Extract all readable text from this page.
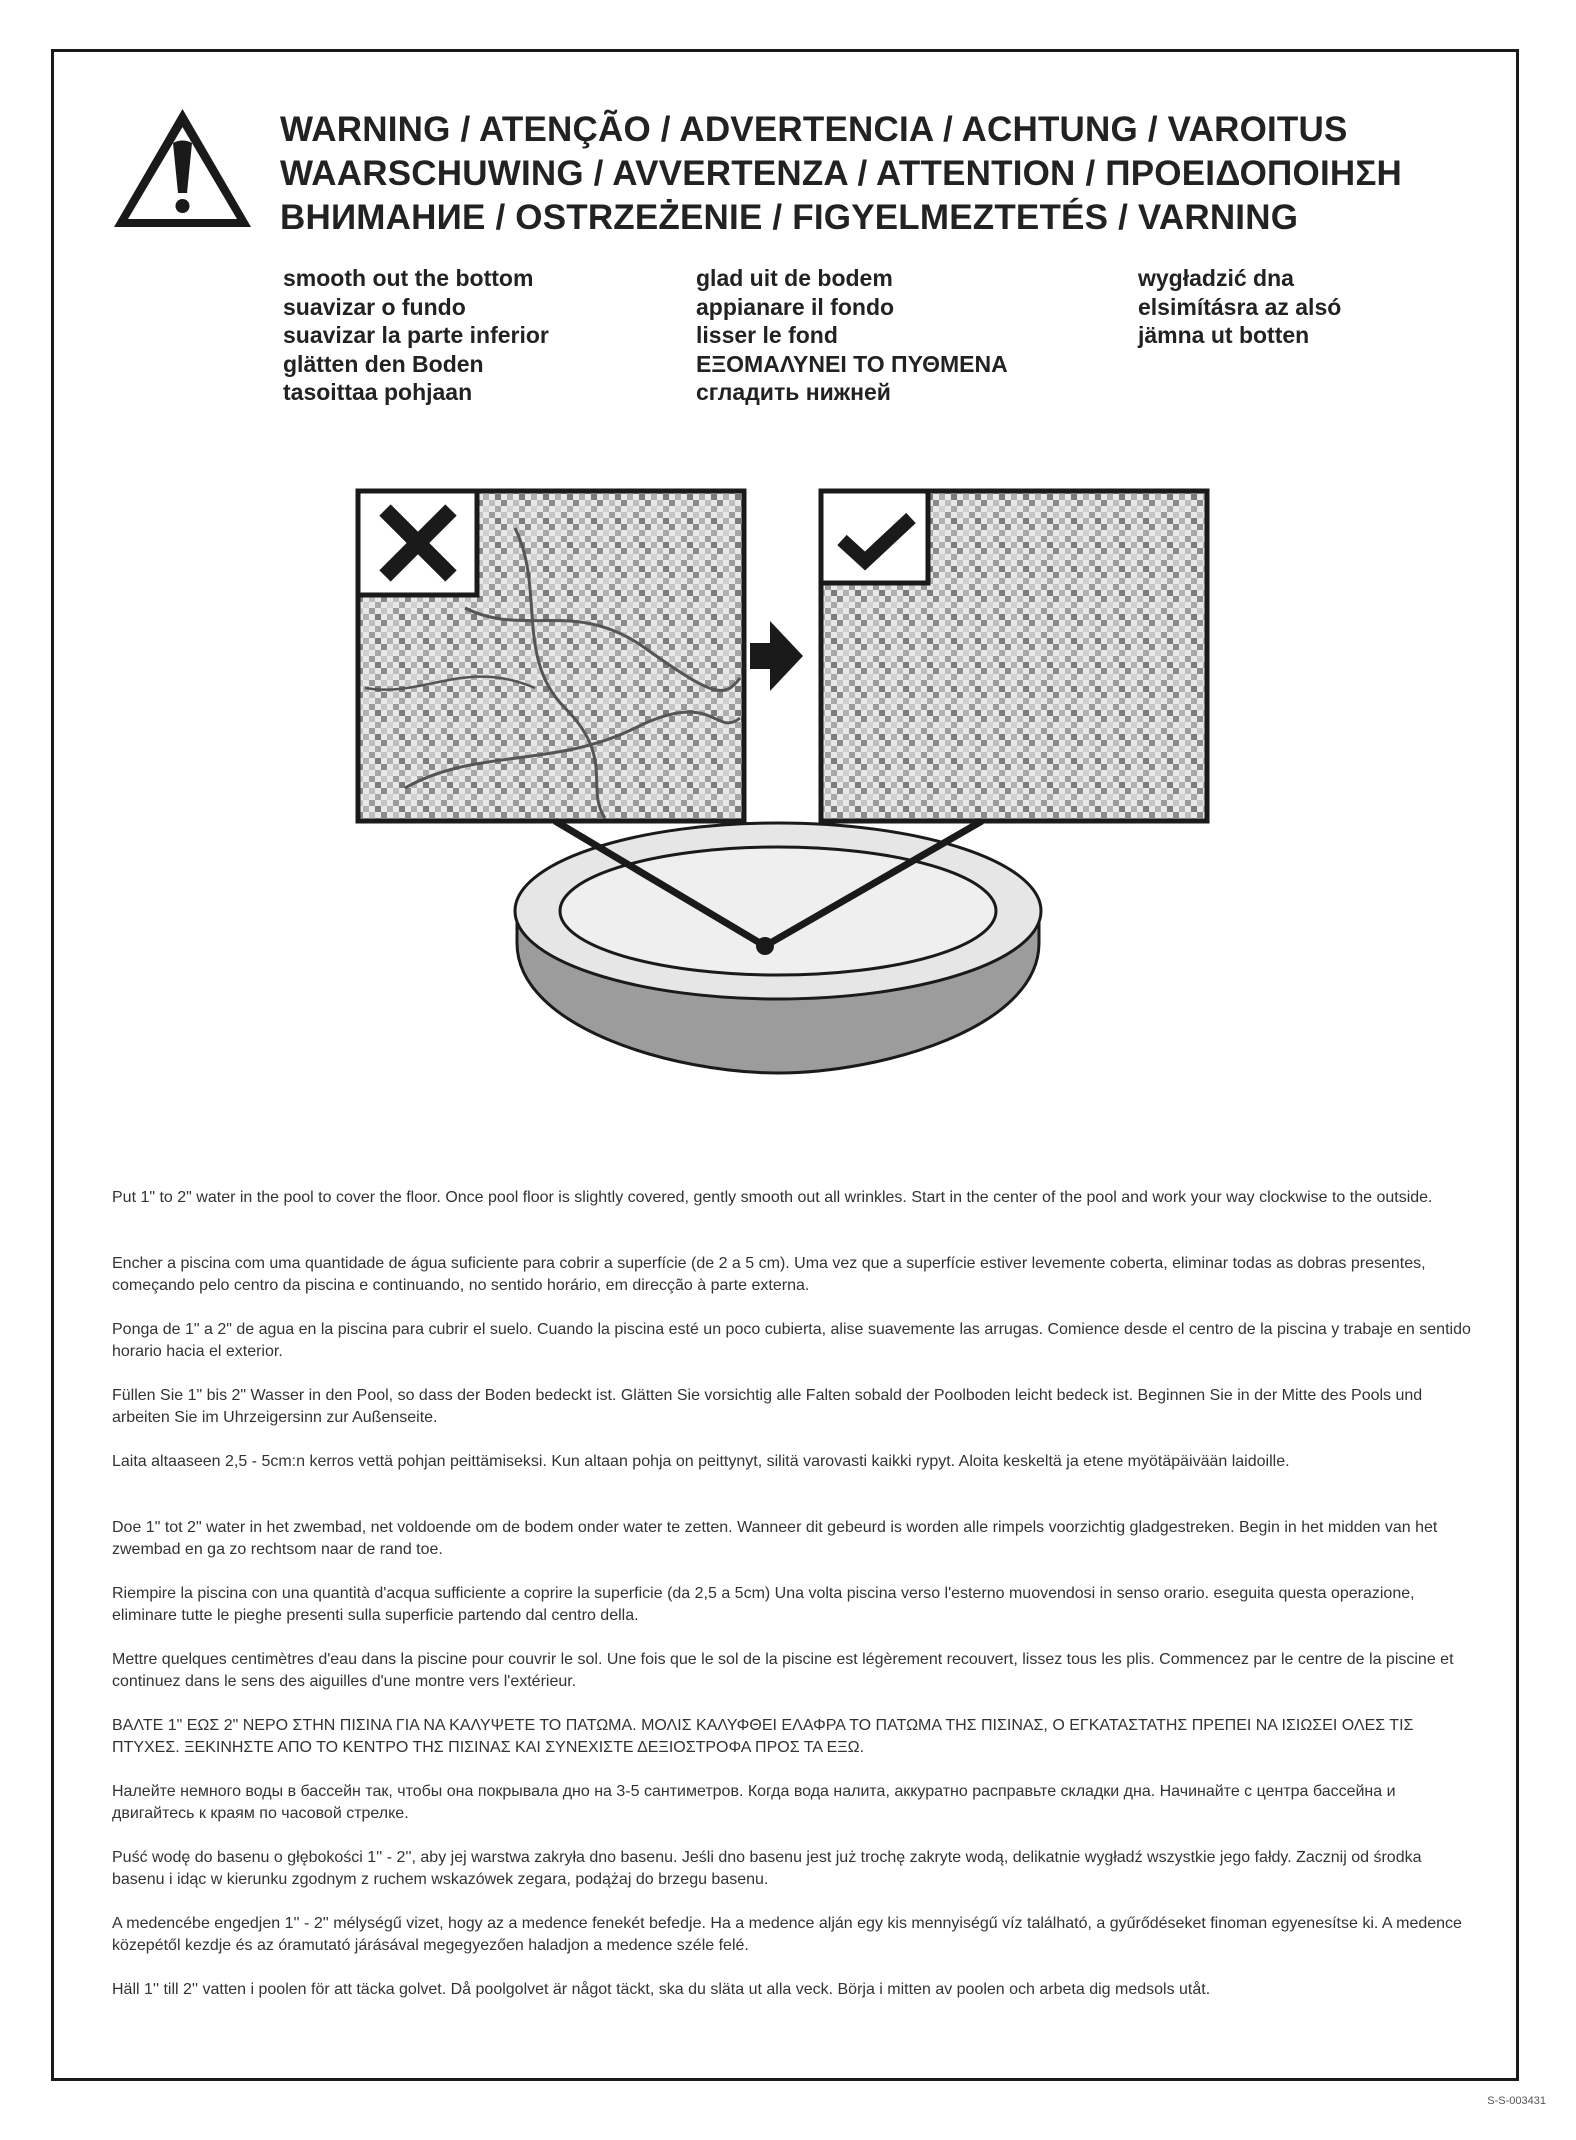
WARNING / ATENÇÃO / ADVERTENCIA / ACHTUNG / VAROITUS
WAARSCHUWING / AVVERTENZA / ATTENTION / ΠΡΟΕΙΔΟΠΟΙΗΣΗ
ВНИМАНИЕ / OSTRZEŻENIE / FIGYELMEZTETÉS / VARNING
smooth out the bottom
suavizar o fundo
suavizar la parte inferior
glätten den Boden
tasoittaa pohjaan
glad uit de bodem
appianare il fondo
lisser le fond
ΕΞΟΜΑΛΥΝΕΙ ΤΟ ΠΥΘΜΕΝΑ
сгладить нижней
wygładzić dna
elsimításra az alsó
jämna ut botten
Put 1" to 2" water in the pool to cover the floor. Once pool floor is slightly covered, gently smooth out all wrinkles. Start in the center of the pool and work your way clockwise to the outside.
Encher a piscina com uma quantidade de água suficiente para cobrir a superfície (de 2 a 5 cm). Uma vez que a superfície estiver levemente coberta, eliminar todas as dobras presentes, começando pelo centro da piscina e continuando, no sentido horário, em direcção à parte externa.
Ponga de 1" a 2" de agua en la piscina para cubrir el suelo. Cuando la piscina esté un poco cubierta, alise suavemente las arrugas. Comience desde el centro de la piscina y trabaje en sentido horario hacia el exterior.
Füllen Sie 1" bis 2" Wasser in den Pool, so dass der Boden bedeckt ist. Glätten Sie vorsichtig alle Falten sobald der Poolboden leicht bedeck ist. Beginnen Sie in der Mitte des Pools und arbeiten Sie im Uhrzeigersinn zur Außenseite.
Laita altaaseen 2,5 - 5cm:n kerros vettä pohjan peittämiseksi. Kun altaan pohja on peittynyt, silitä varovasti kaikki rypyt. Aloita keskeltä ja etene myötäpäivään laidoille.
Doe 1" tot 2" water in het zwembad, net voldoende om de bodem onder water te zetten. Wanneer dit gebeurd is worden alle rimpels voorzichtig gladgestreken. Begin in het midden van het zwembad en ga zo rechtsom naar de rand toe.
Riempire la piscina con una quantità d'acqua sufficiente a coprire la superficie (da 2,5 a 5cm) Una volta piscina verso l'esterno muovendosi in senso orario. eseguita questa operazione, eliminare tutte le pieghe presenti sulla superficie partendo dal centro della.
Mettre quelques centimètres d'eau dans la piscine pour couvrir le sol. Une fois que le sol de la piscine est légèrement recouvert, lissez tous les plis. Commencez par le centre de la piscine et continuez dans le sens des aiguilles d'une montre vers l'extérieur.
ΒΑΛΤΕ 1" ΕΩΣ 2" ΝΕΡΟ ΣΤΗΝ ΠΙΣΙΝΑ ΓΙΑ ΝΑ ΚΑΛΥΨΕΤΕ ΤΟ ΠΑΤΩΜΑ. ΜΟΛΙΣ ΚΑΛΥΦΘΕΙ ΕΛΑΦΡΑ ΤΟ ΠΑΤΩΜΑ ΤΗΣ ΠΙΣΙΝΑΣ, Ο ΕΓΚΑΤΑΣΤΑΤΗΣ ΠΡΕΠΕΙ ΝΑ ΙΣΙΩΣΕΙ ΟΛΕΣ ΤΙΣ ΠΤΥΧΕΣ. ΞΕΚΙΝΗΣΤΕ ΑΠΟ ΤΟ ΚΕΝΤΡΟ ΤΗΣ ΠΙΣΙΝΑΣ ΚΑΙ ΣΥΝΕΧΙΣΤΕ ΔΕΞΙΟΣΤΡΟΦΑ ΠΡΟΣ ΤΑ ΕΞΩ.
Налейте немного воды в бассейн так, чтобы она покрывала дно на 3-5 сантиметров. Когда вода налита, аккуратно расправьте складки дна. Начинайте с центра бассейна и двигайтесь к краям по часовой стрелке.
Puść wodę do basenu o głębokości 1'' - 2'', aby jej warstwa zakryła dno basenu. Jeśli dno basenu jest już trochę zakryte wodą, delikatnie wygładź wszystkie jego fałdy. Zacznij od środka basenu i idąc w kierunku zgodnym z ruchem wskazówek zegara, podążaj do brzegu basenu.
A medencébe engedjen 1'' - 2'' mélységű vizet, hogy az a medence fenekét befedje. Ha a medence alján egy kis mennyiségű víz található, a gyűrődéseket finoman egyenesítse ki. A medence közepétől kezdje és az óramutató járásával megegyezően haladjon a medence széle felé.
Häll 1'' till 2'' vatten i poolen för att täcka golvet. Då poolgolvet är något täckt, ska du släta ut alla veck. Börja i mitten av poolen och arbeta dig medsols utåt.
S-S-003431
